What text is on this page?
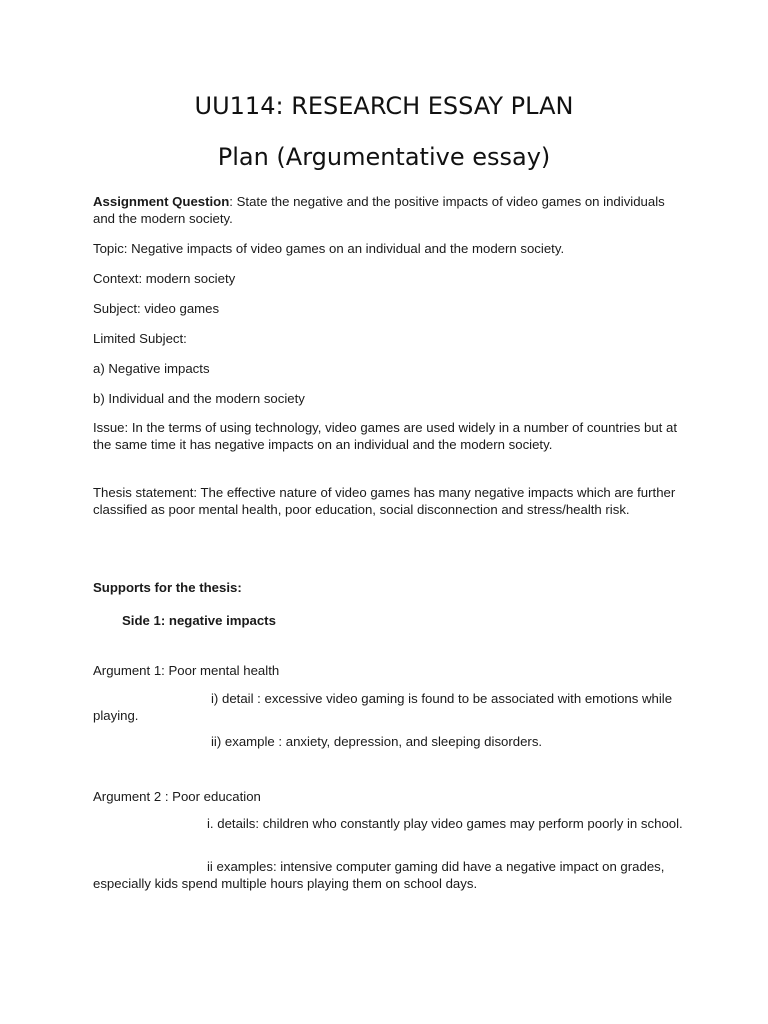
UU114: RESEARCH ESSAY PLAN
Plan (Argumentative essay)

Assignment Question: State the negative and the positive impacts of video games on individuals and the modern society.

Topic: Negative impacts of video games on an individual and the modern society.

Context: modern society

Subject: video games

Limited Subject:

a) Negative impacts

b) Individual and the modern society

Issue: In the terms of using technology, video games are used widely in a number of countries but at the same time it has negative impacts on an individual and the modern society.

Thesis statement: The effective nature of video games has many negative impacts which are further classified as poor mental health, poor education, social disconnection and stress/health risk.

Supports for the thesis:

Side 1: negative impacts

Argument 1: Poor mental health

i) detail : excessive video gaming is found to be associated with emotions while playing.

ii) example : anxiety, depression, and sleeping disorders.

Argument 2 : Poor education

i. details: children who constantly play video games may perform poorly in school.

ii examples: intensive computer gaming did have a negative impact on grades, especially kids spend multiple hours playing them on school days.
